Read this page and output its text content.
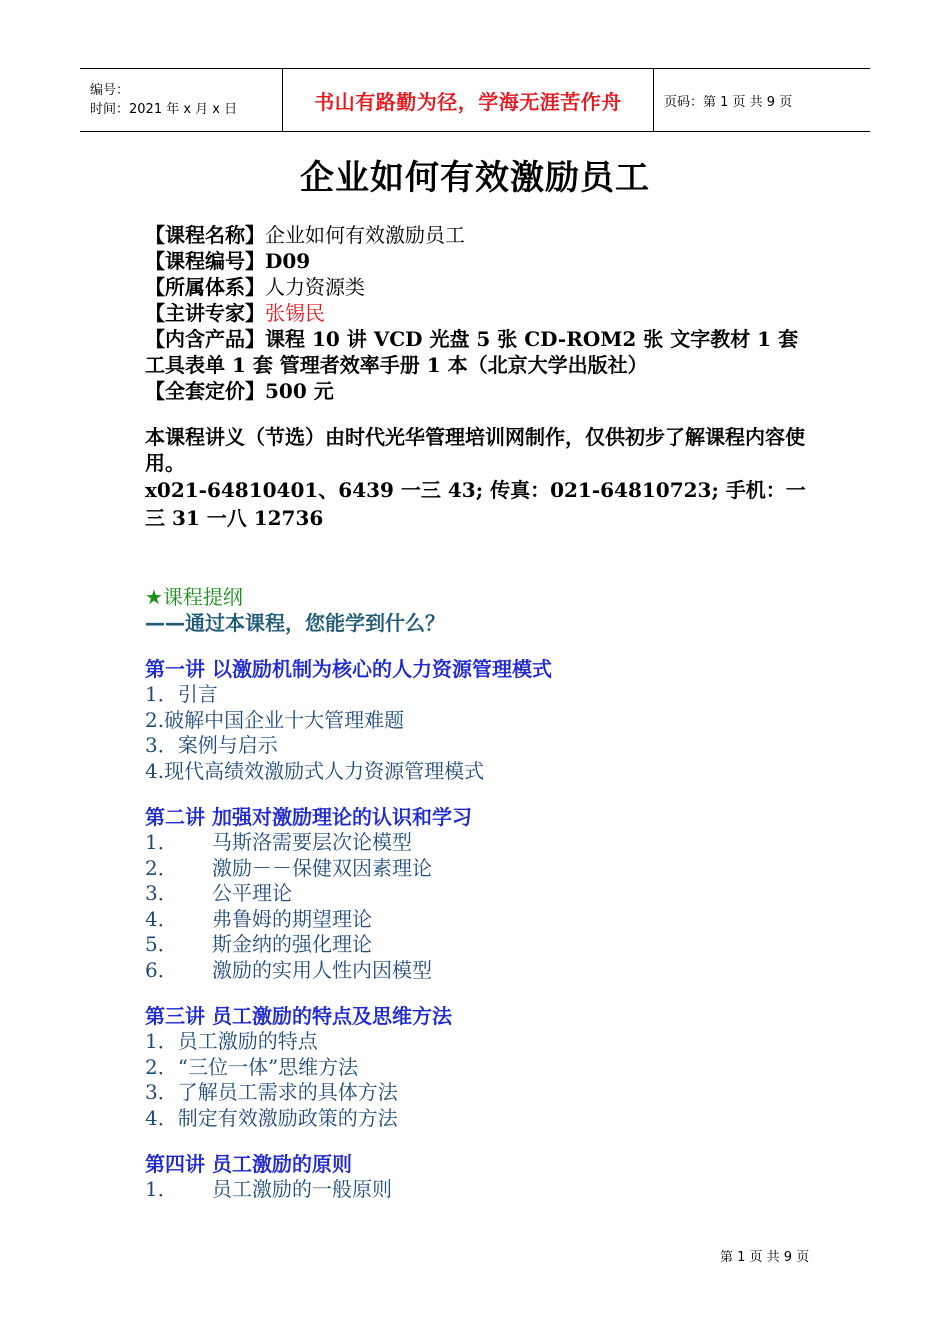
编号：
时间：2021 年 x 月 x 日	书山有路勤为径，学海无涯苦作舟	页码：第 1 页 共 9 页
企业如何有效激励员工
【课程名称】企业如何有效激励员工
【课程编号】D09
【所属体系】人力资源类
【主讲专家】张锡民
【内含产品】课程 10 讲 VCD 光盘 5 张 CD-ROM2 张 文字教材 1 套 工具表单 1 套 管理者效率手册 1 本（北京大学出版社）
【全套定价】500 元
本课程讲义（节选）由时代光华管理培训网制作，仅供初步了解课程内容使用。
x021-64810401、6439 一三 43; 传真：021-64810723; 手机：一三 31 一八 12736
★课程提纲
——通过本课程，您能学到什么？
第一讲 以激励机制为核心的人力资源管理模式
1．引言
2.破解中国企业十大管理难题
3．案例与启示
4.现代高绩效激励式人力资源管理模式
第二讲 加强对激励理论的认识和学习
1． 马斯洛需要层次论模型
2． 激励－－保健双因素理论
3． 公平理论
4． 弗鲁姆的期望理论
5． 斯金纳的强化理论
6． 激励的实用人性内因模型
第三讲 员工激励的特点及思维方法
1．员工激励的特点
2．“三位一体”思维方法
3．了解员工需求的具体方法
4．制定有效激励政策的方法
第四讲 员工激励的原则
1． 员工激励的一般原则
第 1 页 共 9 页
